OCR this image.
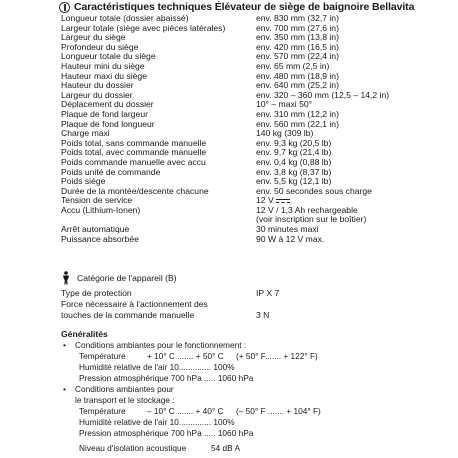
Caractéristiques techniques Élévateur de siège de baignoire Bellavita
Longueur totale (dossier abaissé)	env. 830 mm (32,7 in)
Largeur totale (siège avec pièces latérales)	env. 700 mm (27,6 in)
Largeur du siège	env. 350 mm (13,8 in)
Profondeur du siège	env. 420 mm (16,5 in)
Longueur totale du siège	env. 570 mm (22,4 in)
Hauteur mini du siège	env. 65 mm (2,5 in)
Hauteur maxi du siège	env. 480 mm (18,9 in)
Hauteur du dossier	env. 640 mm (25,2 in)
Largeur du dossier	env. 320 – 360 mm (12,5 – 14,2 in)
Déplacement du dossier	10° – maxi 50°
Plaque de fond largeur	env. 310 mm (12,2 in)
Plaque de fond longueur	env. 560 mm (22,1 in)
Charge maxi	140 kg (309 lb)
Poids total, sans commande manuelle	env. 9,3 kg (20,5 lb)
Poids total, avec commande manuelle	env. 9,7 kg (21,4 lb)
Poids commande manuelle avec accu	env. 0,4 kg (0,88 lb)
Poids unité de commande	env. 3,8 kg (8,37 lb)
Poids siège	env. 5,5 kg (12,1 lb)
Durée de la montée/descente chacune	env. 50 secondes sous charge
Tension de service	12 V
Accu (Lithium-Ionen)	12 V / 1,3 Ah rechargeable
(voir inscription sur le boîtier)
Arrêt automatique	30 minutes maxi
Puissance absorbée	90 W à 12 V max.
Catégorie de l'appareil (B)
Type de protection	IP X 7
Force nécessaire à l'actionnement des
touches de la commande manuelle	3 N
Généralités
• Conditions ambiantes pour le fonctionnement :
Température	+ 10° C ....... + 50° C (+ 50° F....... + 122° F)
Humidité relative de l'air 10.............. 100%
Pression atmosphérique 700 hPa ..... 1060 hPa
• Conditions ambiantes pour
le transport et le stockage :
Température	– 10° C ....... + 40° C (– 50° F ....... + 104° F)
Humidité relative de l'air 10.............. 100%
Pression atmosphérique 700 hPa ..... 1060 hPa
Niveau d'isolation acoustique	54 dB A
